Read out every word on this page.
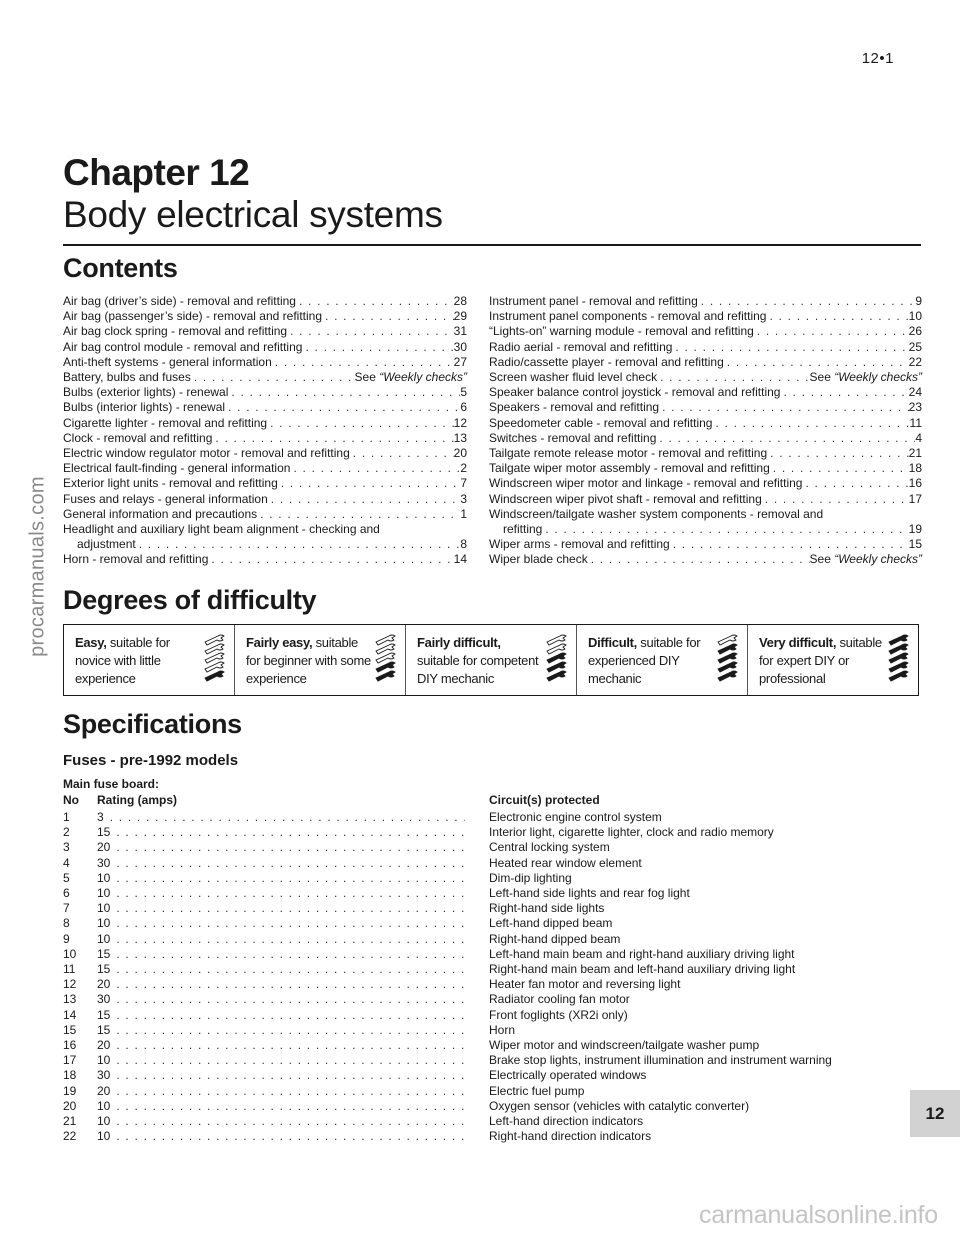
12•1
Chapter 12
Body electrical systems
Contents
Air bag (driver’s side) - removal and refitting . . .	28
Air bag (passenger’s side) - removal and refitting . . .	29
Air bag clock spring - removal and refitting . . .	31
Air bag control module - removal and refitting . . .	30
Anti-theft systems - general information . . .	27
Battery, bulbs and fuses . . .	See “Weekly checks”
Bulbs (exterior lights) - renewal . . .	5
Bulbs (interior lights) - renewal . . .	6
Cigarette lighter - removal and refitting . . .	12
Clock - removal and refitting . . .	13
Electric window regulator motor - removal and refitting . . .	20
Electrical fault-finding - general information . . .	2
Exterior light units - removal and refitting . . .	7
Fuses and relays - general information . . .	3
General information and precautions . . .	1
Headlight and auxiliary light beam alignment - checking and
adjustment . . .	8
Horn - removal and refitting . . .	14
Instrument panel - removal and refitting . . .	9
Instrument panel components - removal and refitting . . .	10
“Lights-on” warning module - removal and refitting . . .	26
Radio aerial - removal and refitting . . .	25
Radio/cassette player - removal and refitting . . .	22
Screen washer fluid level check . . .	See “Weekly checks”
Speaker balance control joystick - removal and refitting . . .	24
Speakers - removal and refitting . . .	23
Speedometer cable - removal and refitting . . .	11
Switches - removal and refitting . . .	4
Tailgate remote release motor - removal and refitting . . .	21
Tailgate wiper motor assembly - removal and refitting . . .	18
Windscreen wiper motor and linkage - removal and refitting . . .	16
Windscreen wiper pivot shaft - removal and refitting . . .	17
Windscreen/tailgate washer system components - removal and
refitting . . .	19
Wiper arms - removal and refitting . . .	15
Wiper blade check . . .	See “Weekly checks”
Degrees of difficulty
Easy, suitable for novice with little experience
Fairly easy, suitable for beginner with some experience
Fairly difficult, suitable for competent DIY mechanic
Difficult, suitable for experienced DIY mechanic
Very difficult, suitable for expert DIY or professional
Specifications
Fuses - pre-1992 models
Main fuse board:
No Rating (amps)	Circuit(s) protected
1	3 . . .	Electronic engine control system
2	15 . . .	Interior light, cigarette lighter, clock and radio memory
3	20 . . .	Central locking system
4	30 . . .	Heated rear window element
5	10 . . .	Dim-dip lighting
6	10 . . .	Left-hand side lights and rear fog light
7	10 . . .	Right-hand side lights
8	10 . . .	Left-hand dipped beam
9	10 . . .	Right-hand dipped beam
10	15 . . .	Left-hand main beam and right-hand auxiliary driving light
11	15 . . .	Right-hand main beam and left-hand auxiliary driving light
12	20 . . .	Heater fan motor and reversing light
13	30 . . .	Radiator cooling fan motor
14	15 . . .	Front foglights (XR2i only)
15	15 . . .	Horn
16	20 . . .	Wiper motor and windscreen/tailgate washer pump
17	10 . . .	Brake stop lights, instrument illumination and instrument warning
18	30 . . .	Electrically operated windows
19	20 . . .	Electric fuel pump
20	10 . . .	Oxygen sensor (vehicles with catalytic converter)
21	10 . . .	Left-hand direction indicators
22	10 . . .	Right-hand direction indicators
12
procarmanuals.com
carmanualsonline.info
